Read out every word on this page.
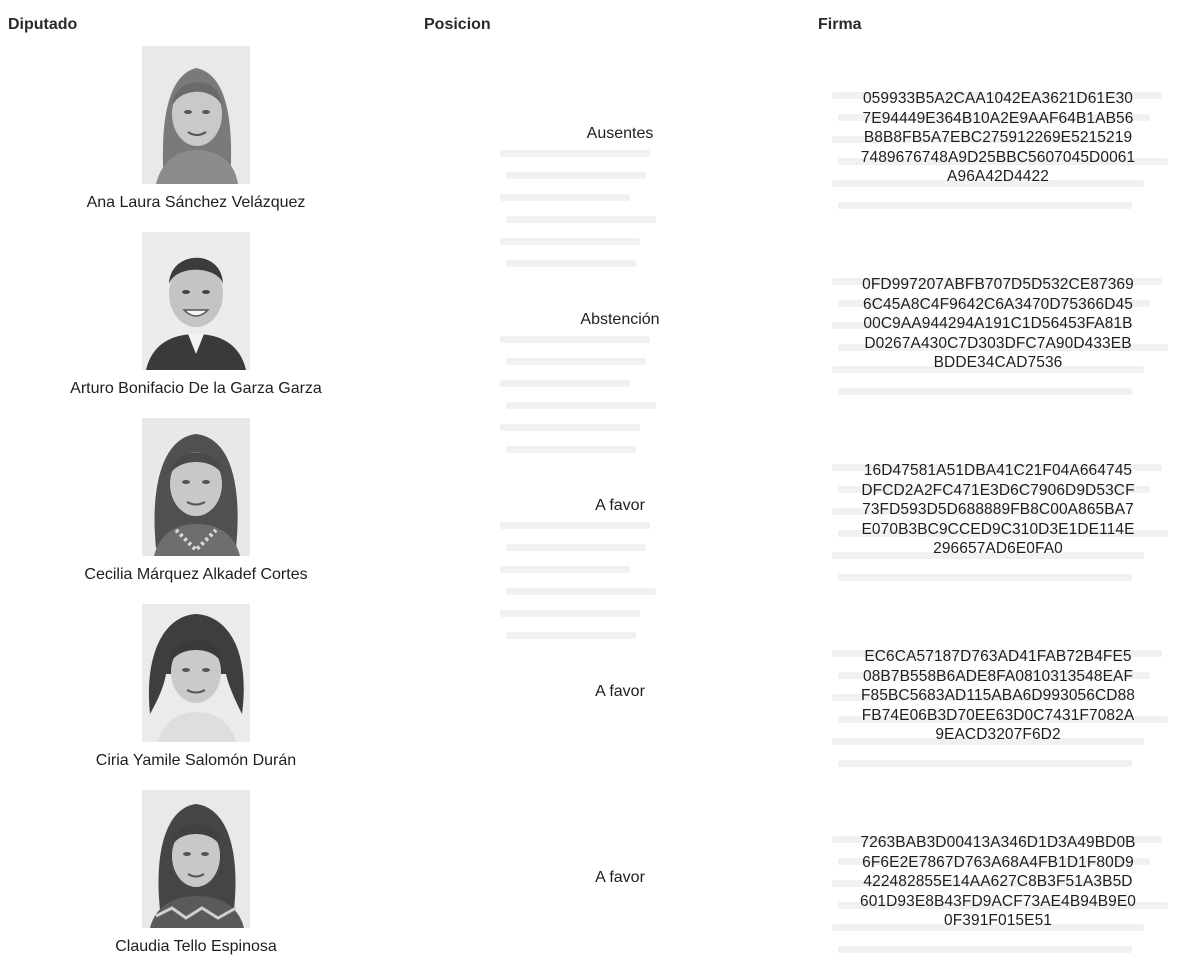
Diputado	Posicion	Firma
Ana Laura Sánchez Velázquez
Ausentes
059933B5A2CAA1042EA3621D61E30
7E94449E364B10A2E9AAF64B1AB56
B8B8FB5A7EBC275912269E5215219
7489676748A9D25BBC5607045D0061
A96A42D4422
Arturo Bonifacio De la Garza Garza
Abstención
0FD997207ABFB707D5D532CE87369
6C45A8C4F9642C6A3470D75366D45
00C9AA944294A191C1D56453FA81B
D0267A430C7D303DFC7A90D433EB
BDDE34CAD7536
Cecilia Márquez Alkadef Cortes
A favor
16D47581A51DBA41C21F04A664745
DFCD2A2FC471E3D6C7906D9D53CF
73FD593D5D688889FB8C00A865BA7
E070B3BC9CCED9C310D3E1DE114E
296657AD6E0FA0
Ciria Yamile Salomón Durán
A favor
EC6CA57187D763AD41FAB72B4FE5
08B7B558B6ADE8FA0810313548EAF
F85BC5683AD115ABA6D993056CD88
FB74E06B3D70EE63D0C7431F7082A
9EACD3207F6D2
Claudia Tello Espinosa
A favor
7263BAB3D00413A346D1D3A49BD0B
6F6E2E7867D763A68A4FB1D1F80D9
422482855E14AA627C8B3F51A3B5D
601D93E8B43FD9ACF73AE4B94B9E0
0F391F015E51
